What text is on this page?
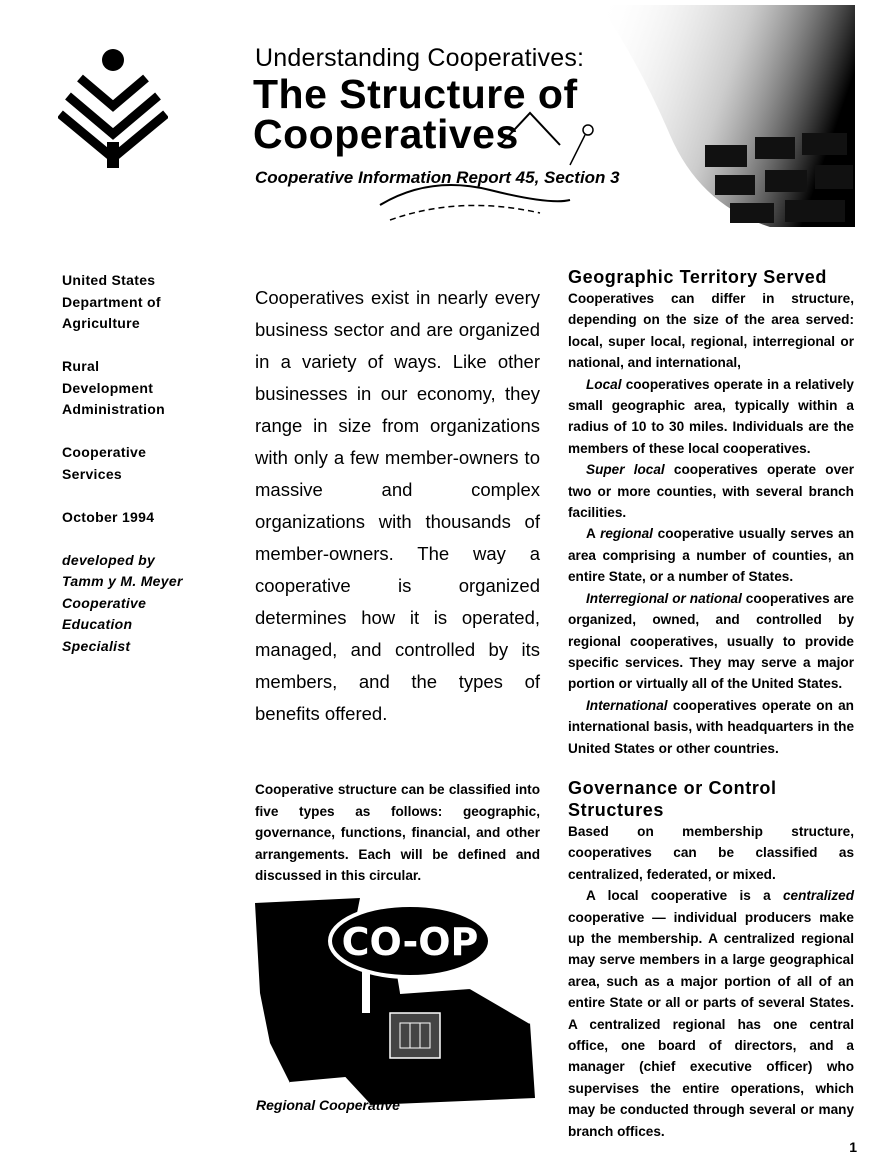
Understanding Cooperatives:
The Structure of
Cooperatives
Cooperative Information Report 45, Section 3

United States
Department of
Agriculture

Rural
Development
Administration

Cooperative
Services

October 1994

developed by
Tamm y M. Meyer
Cooperative
Education
Specialist

Cooperatives exist in nearly every business sector and are organized in a variety of ways. Like other businesses in our economy, they range in size from organizations with only a few member-owners to massive and complex organizations with thousands of member-owners. The way a cooperative is organized determines how it is operated, managed, and controlled by its members, and the types of benefits offered.

Cooperative structure can be classified into five types as follows: geographic, governance, functions, financial, and other arrangements. Each will be defined and discussed in this circular.

CO-OP
Regional Cooperative
Geographic Territory Served

Cooperatives can differ in structure, depending on the size of the area served: local, super local, regional, interregional or national, and international,

Local cooperatives operate in a relatively small geographic area, typically within a radius of 10 to 30 miles. Individuals are the members of these local cooperatives.

Super local cooperatives operate over two or more counties, with several branch facilities.

A regional cooperative usually serves an area comprising a number of counties, an entire State, or a number of States.

Interregional or national cooperatives are organized, owned, and controlled by regional cooperatives, usually to provide specific services. They may serve a major portion or virtually all of the United States.

International cooperatives operate on an international basis, with headquarters in the United States or other countries.

Governance or Control
Structures

Based on membership structure, cooperatives can be classified as centralized, federated, or mixed.

A local cooperative is a centralized cooperative — individual producers make up the membership. A centralized regional may serve members in a large geographical area, such as a major portion of all of an entire State or all or parts of several States. A centralized regional has one central office, one board of directors, and a manager (chief executive officer) who supervises the entire operations, which may be conducted through several or many branch offices.

1
